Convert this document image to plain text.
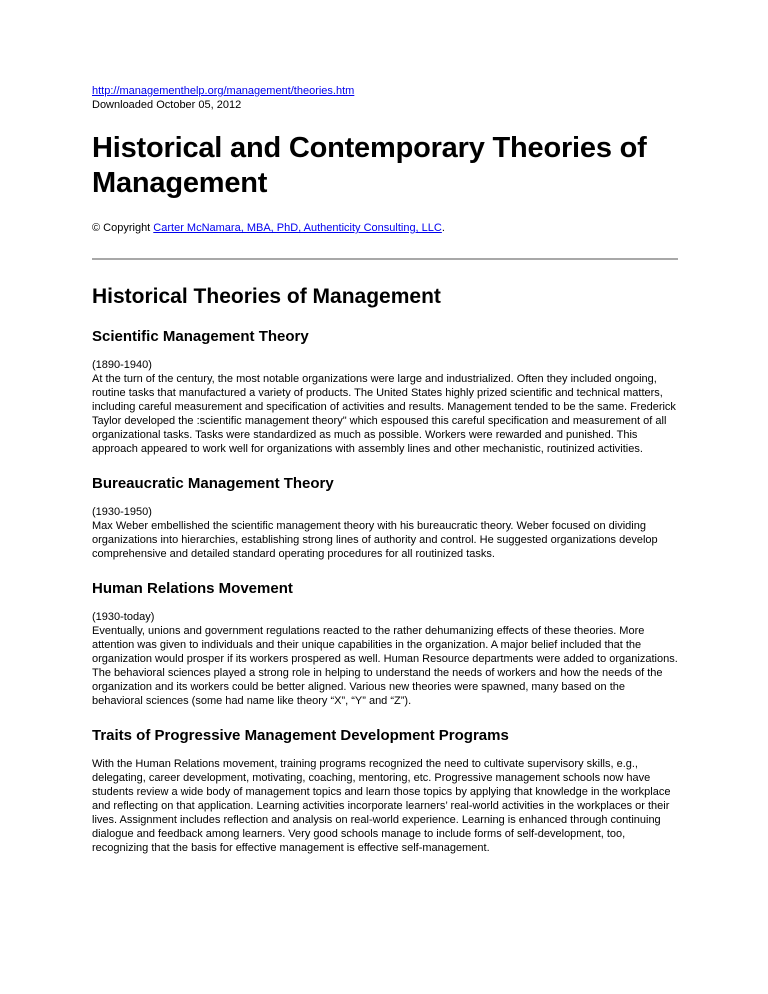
http://managementhelp.org/management/theories.htm
Downloaded October 05, 2012
Historical and Contemporary Theories of Management
© Copyright Carter McNamara, MBA, PhD, Authenticity Consulting, LLC.
Historical Theories of Management
Scientific Management Theory

(1890-1940)
At the turn of the century, the most notable organizations were large and industrialized. Often they included ongoing, routine tasks that manufactured a variety of products. The United States highly prized scientific and technical matters, including careful measurement and specification of activities and results. Management tended to be the same. Frederick Taylor developed the :scientific management theory" which espoused this careful specification and measurement of all organizational tasks. Tasks were standardized as much as possible. Workers were rewarded and punished. This approach appeared to work well for organizations with assembly lines and other mechanistic, routinized activities.

Bureaucratic Management Theory

(1930-1950)
Max Weber embellished the scientific management theory with his bureaucratic theory. Weber focused on dividing organizations into hierarchies, establishing strong lines of authority and control. He suggested organizations develop comprehensive and detailed standard operating procedures for all routinized tasks.

Human Relations Movement

(1930-today)
Eventually, unions and government regulations reacted to the rather dehumanizing effects of these theories. More attention was given to individuals and their unique capabilities in the organization. A major belief included that the organization would prosper if its workers prospered as well. Human Resource departments were added to organizations. The behavioral sciences played a strong role in helping to understand the needs of workers and how the needs of the organization and its workers could be better aligned. Various new theories were spawned, many based on the behavioral sciences (some had name like theory “X”, “Y” and “Z”).

Traits of Progressive Management Development Programs

With the Human Relations movement, training programs recognized the need to cultivate supervisory skills, e.g., delegating, career development, motivating, coaching, mentoring, etc. Progressive management schools now have students review a wide body of management topics and learn those topics by applying that knowledge in the workplace and reflecting on that application. Learning activities incorporate learners’ real-world activities in the workplaces or their lives. Assignment includes reflection and analysis on real-world experience. Learning is enhanced through continuing dialogue and feedback among learners. Very good schools manage to include forms of self-development, too, recognizing that the basis for effective management is effective self-management.
